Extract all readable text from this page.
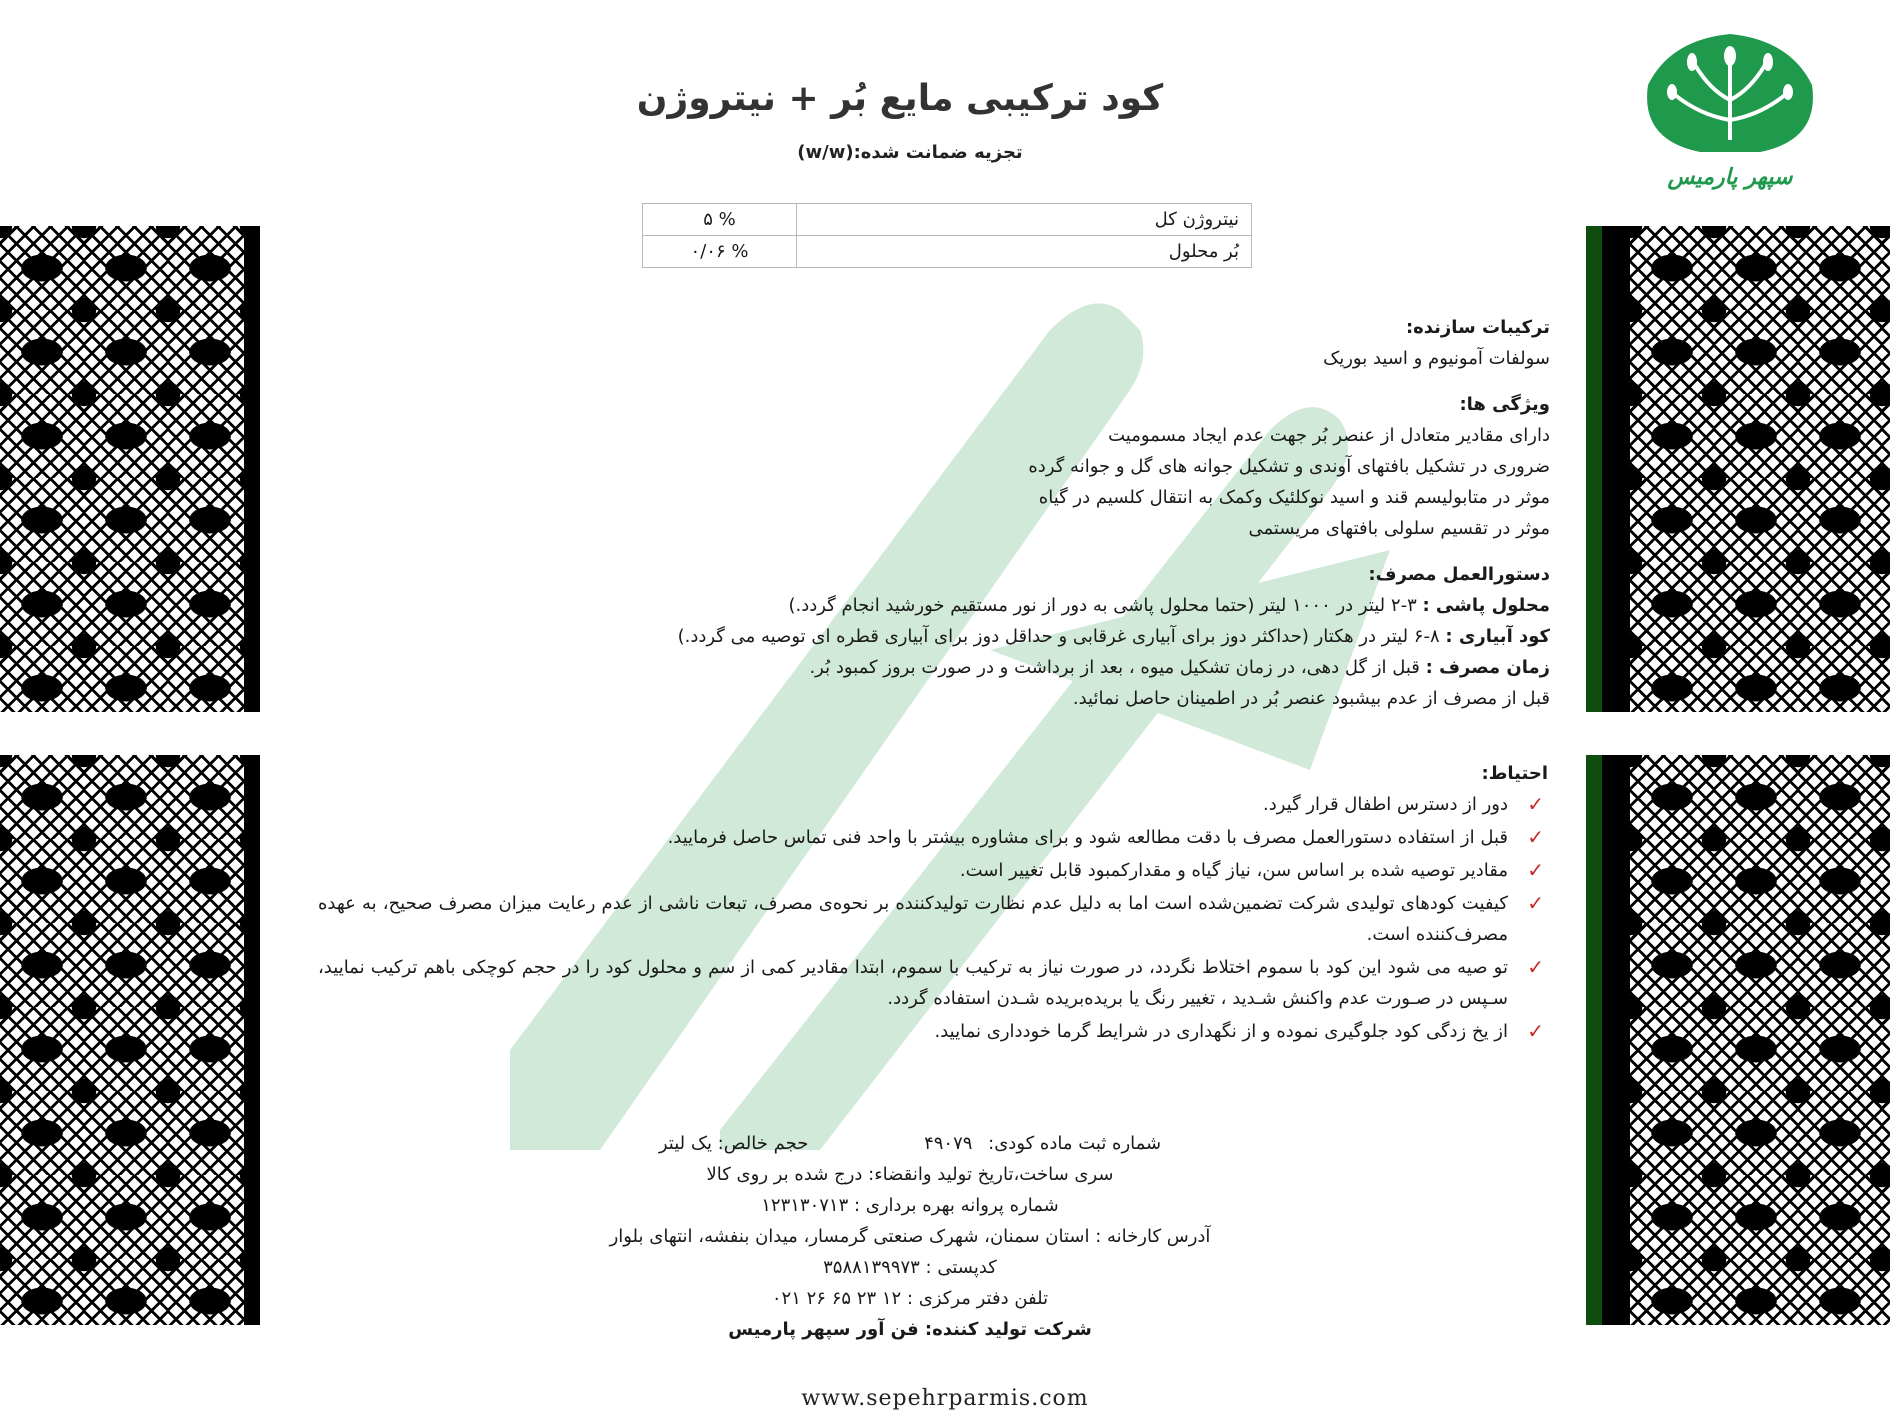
سپهر پارمیس
کود ترکیبی مایع بُر + نیتروژن
تجزیه ضمانت شده:(w/w)
نیتروژن کل	% ۵
بُر محلول	% ۰/۰۶
ترکیبات سازنده:
سولفات آمونیوم و اسید بوریک
ویژگی ها:
دارای مقادیر متعادل از عنصر بُر جهت عدم ایجاد مسمومیت
ضروری در تشکیل بافتهای آوندی و تشکیل جوانه های گل و جوانه گرده
موثر در متابولیسم قند و اسید نوکلئیک وکمک به انتقال کلسیم در گیاه
موثر در تقسیم سلولی بافتهای مریستمی
دستورالعمل مصرف:
محلول پاشی : ۳-۲ لیتر در ۱۰۰۰ لیتر (حتما محلول پاشی به دور از نور مستقیم خورشید انجام گردد.)
کود آبیاری : ۸-۶ لیتر در هکتار (حداکثر دوز برای آبیاری غرقابی و حداقل دوز برای آبیاری قطره ای توصیه می گردد.)
زمان مصرف : قبل از گل دهی، در زمان تشکیل میوه ، بعد از برداشت و در صورت بروز کمبود بُر.
قبل از مصرف از عدم بیشبود عنصر بُر در اطمینان حاصل نمائید.
احتیاط:
✓
دور از دسترس اطفال قرار گیرد.
✓
قبل از استفاده دستورالعمل مصرف با دقت مطالعه شود و برای مشاوره بیشتر با واحد فنی تماس حاصل فرمایید.
✓
مقادیر توصیه شده بر اساس سن، نیاز گیاه و مقدارکمبود قابل تغییر است.
✓
کیفیت کودهای تولیدی شرکت تضمین‌شده است اما به دلیل عدم نظارت تولیدکننده بر نحوه‌ی مصرف، تبعات ناشی از عدم رعایت میزان مصرف صحیح، به عهده مصرف‌کننده است.
✓
تو صیه می شود این کود با سموم اختلاط نگردد، در صورت نیاز به ترکیب با سموم، ابتدا مقادیر کمی از سم و محلول کود را در حجم کوچکی باهم ترکیب نمایید، سـپس در صـورت عدم واکنش شـدید ، تغییر رنگ یا بریده‌بریده شـدن استفاده گردد.
✓
از یخ زدگی کود جلوگیری نموده و از نگهداری در شرایط گرما خودداری نمایید.
شماره ثبت ماده کودی: ۴۹۰۷۹ حجم خالص: یک لیتر
سری ساخت،تاریخ تولید وانقضاء: درج شده بر روی کالا
شماره پروانه بهره برداری : ۱۲۳۱۳۰۷۱۳
آدرس کارخانه : استان سمنان، شهرک صنعتی گرمسار، میدان بنفشه، انتهای بلوار
کدپستی : ۳۵۸۸۱۳۹۹۷۳
تلفن دفتر مرکزی : ۱۲ ۲۳ ۶۵ ۲۶ ۰۲۱
شرکت تولید کننده: فن آور سپهر پارمیس
www.sepehrparmis.com
